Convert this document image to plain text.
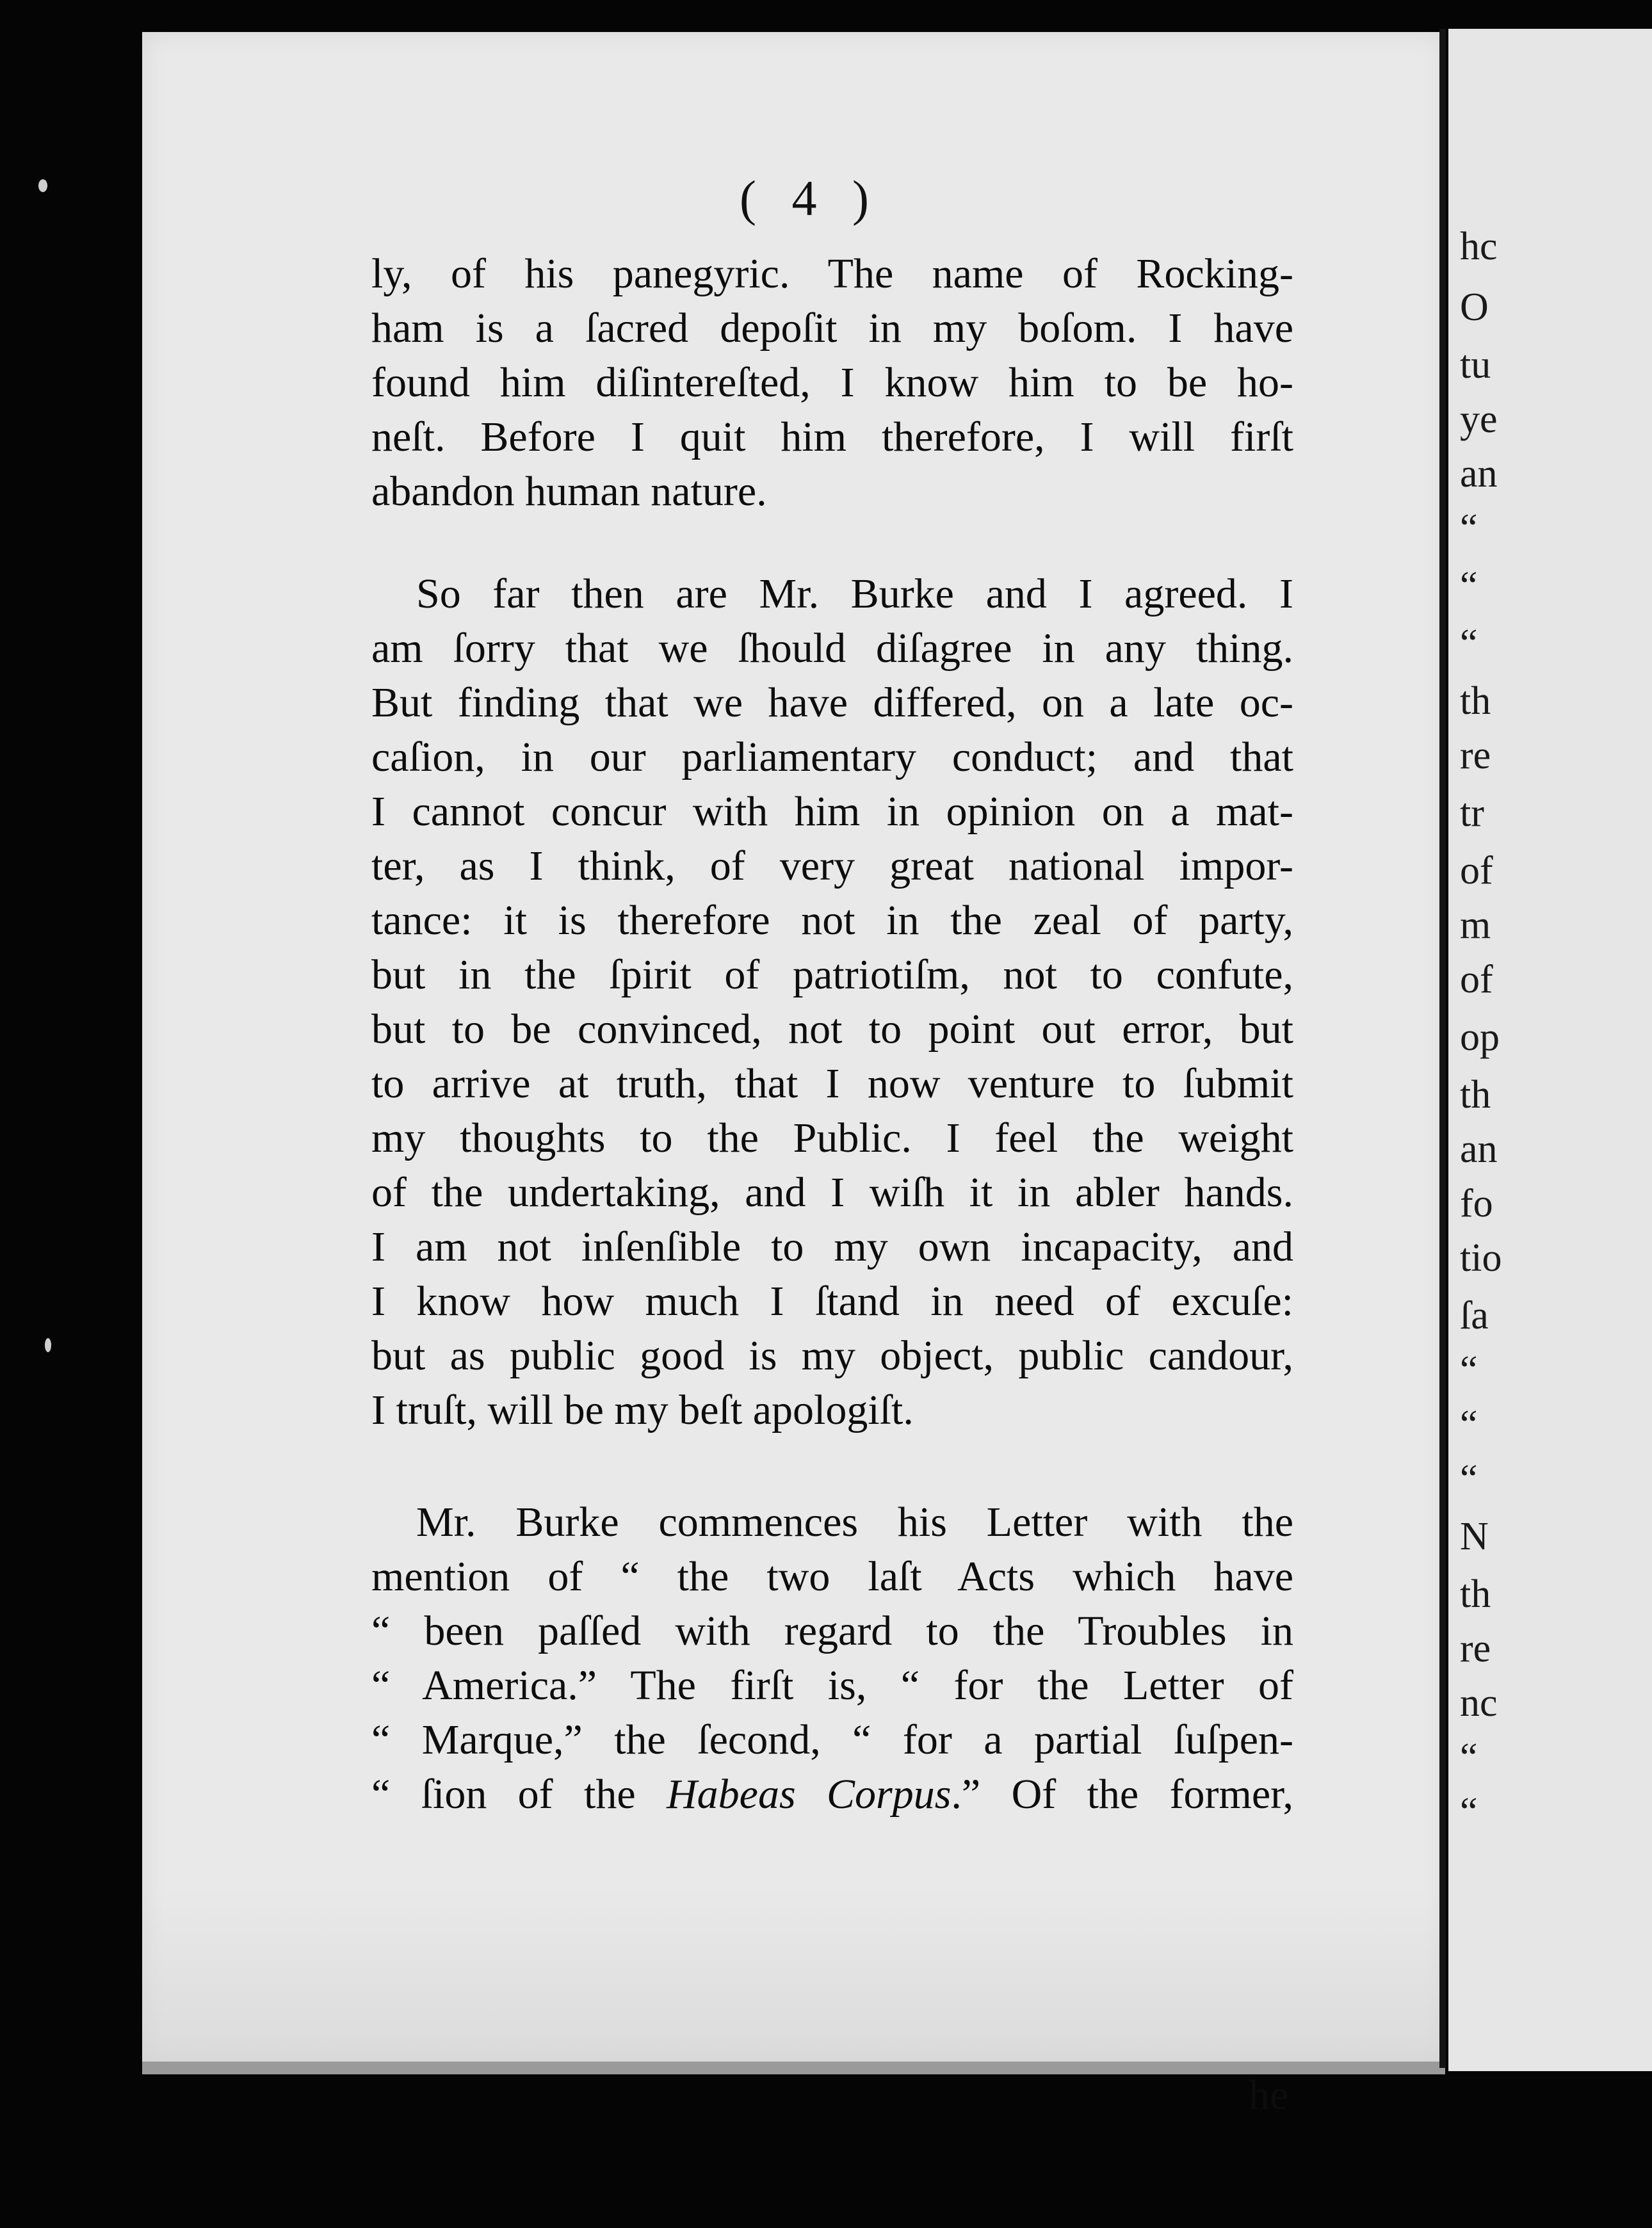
hc
O
tu
ye
an
“
“
“
th
re
tr
of
m
of
op
th
an
fo
tio
ſa
“
“
“
N
th
re
nc
“
“
( 4 )
ly, of his panegyric. The name of Rocking-
ham is a ſacred depoſit in my boſom. I have
found him diſintereſted, I know him to be ho-
neſt. Before I quit him therefore, I will firſt
abandon human nature.
So far then are Mr. Burke and I agreed. I
am ſorry that we ſhould diſagree in any thing.
But finding that we have differed, on a late oc-
caſion, in our parliamentary conduct; and that
I cannot concur with him in opinion on a mat-
ter, as I think, of very great national impor-
tance: it is therefore not in the zeal of party,
but in the ſpirit of patriotiſm, not to confute,
but to be convinced, not to point out error, but
to arrive at truth, that I now venture to ſubmit
my thoughts to the Public. I feel the weight
of the undertaking, and I wiſh it in abler hands.
I am not inſenſible to my own incapacity, and
I know how much I ſtand in need of excuſe:
but as public good is my object, public candour,
I truſt, will be my beſt apologiſt.
Mr. Burke commences his Letter with the
mention of “ the two laſt Acts which have
“ been paſſed with regard to the Troubles in
“ America.” The firſt is, “ for the Letter of
“ Marque,” the ſecond, “ for a partial ſuſpen-
“ ſion of the Habeas Corpus.” Of the former,
he
